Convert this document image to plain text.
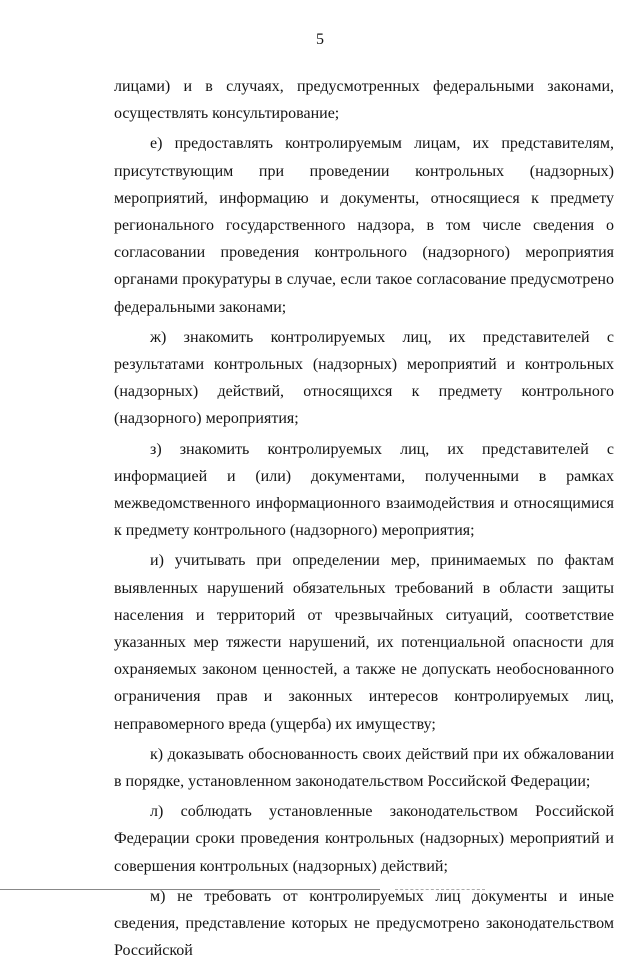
5

лицами) и в случаях, предусмотренных федеральными законами, осуществлять консультирование;

е) предоставлять контролируемым лицам, их представителям, присутствующим при проведении контрольных (надзорных) мероприятий, информацию и документы, относящиеся к предмету регионального государственного надзора, в том числе сведения о согласовании проведения контрольного (надзорного) мероприятия органами прокуратуры в случае, если такое согласование предусмотрено федеральными законами;

ж) знакомить контролируемых лиц, их представителей с результатами контрольных (надзорных) мероприятий и контрольных (надзорных) действий, относящихся к предмету контрольного (надзорного) мероприятия;

з) знакомить контролируемых лиц, их представителей с информацией и (или) документами, полученными в рамках межведомственного информационного взаимодействия и относящимися к предмету контрольного (надзорного) мероприятия;

и) учитывать при определении мер, принимаемых по фактам выявленных нарушений обязательных требований в области защиты населения и территорий от чрезвычайных ситуаций, соответствие указанных мер тяжести нарушений, их потенциальной опасности для охраняемых законом ценностей, а также не допускать необоснованного ограничения прав и законных интересов контролируемых лиц, неправомерного вреда (ущерба) их имуществу;

к) доказывать обоснованность своих действий при их обжаловании в порядке, установленном законодательством Российской Федерации;

л) соблюдать установленные законодательством Российской Федерации сроки проведения контрольных (надзорных) мероприятий и совершения контрольных (надзорных) действий;

м) не требовать от контролируемых лиц документы и иные сведения, представление которых не предусмотрено законодательством Российской
